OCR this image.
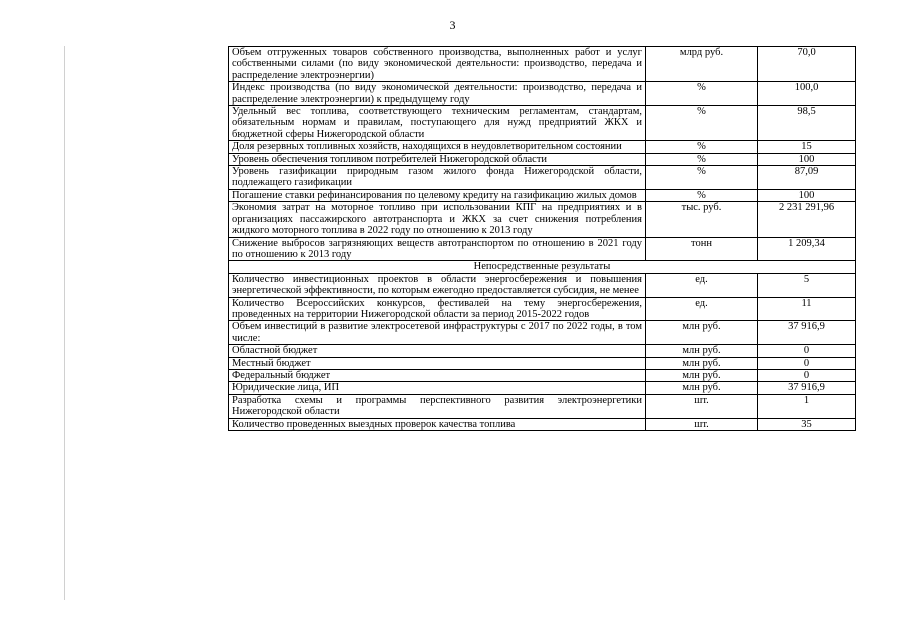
3
Объем отгруженных товаров собственного производства, выполненных работ и услуг собственными силами (по виду экономической деятельности: производство, передача и распределение электроэнергии)	млрд руб.	70,0
Индекс производства (по виду экономической деятельности: производство, передача и распределение электроэнергии) к предыдущему году	%	100,0
Удельный вес топлива, соответствующего техническим регламентам, стандартам, обязательным нормам и правилам, поступающего для нужд предприятий ЖКХ и бюджетной сферы Нижегородской области	%	98,5
Доля резервных топливных хозяйств, находящихся в неудовлетворительном состоянии	%	15
Уровень обеспечения топливом потребителей Нижегородской области	%	100
Уровень газификации природным газом жилого фонда Нижегородской области, подлежащего газификации	%	87,09
Погашение ставки рефинансирования по целевому кредиту на газификацию жилых домов	%	100
Экономия затрат на моторное топливо при использовании КПГ на предприятиях и в организациях пассажирского автотранспорта и ЖКХ за счет снижения потребления жидкого моторного топлива в 2022 году по отношению к 2013 году	тыс. руб.	2 231 291,96
Снижение выбросов загрязняющих веществ автотранспортом по отношению в 2021 году по отношению к 2013 году	тонн	1 209,34
Непосредственные результаты		
Количество инвестиционных проектов в области энергосбережения и повышения энергетической эффективности, по которым ежегодно предоставляется субсидия, не менее	ед.	5
Количество Всероссийских конкурсов, фестивалей на тему энергосбережения, проведенных на территории Нижегородской области за период 2015-2022 годов	ед.	11
Объем инвестиций в развитие электросетевой инфраструктуры с 2017 по 2022 годы, в том числе:	млн руб.	37 916,9
Областной бюджет	млн руб.	0
Местный бюджет	млн руб.	0
Федеральный бюджет	млн руб.	0
Юридические лица, ИП	млн руб.	37 916,9
Разработка схемы и программы перспективного развития электроэнергетики Нижегородской области	шт.	1
Количество проведенных выездных проверок качества топлива	шт.	35
